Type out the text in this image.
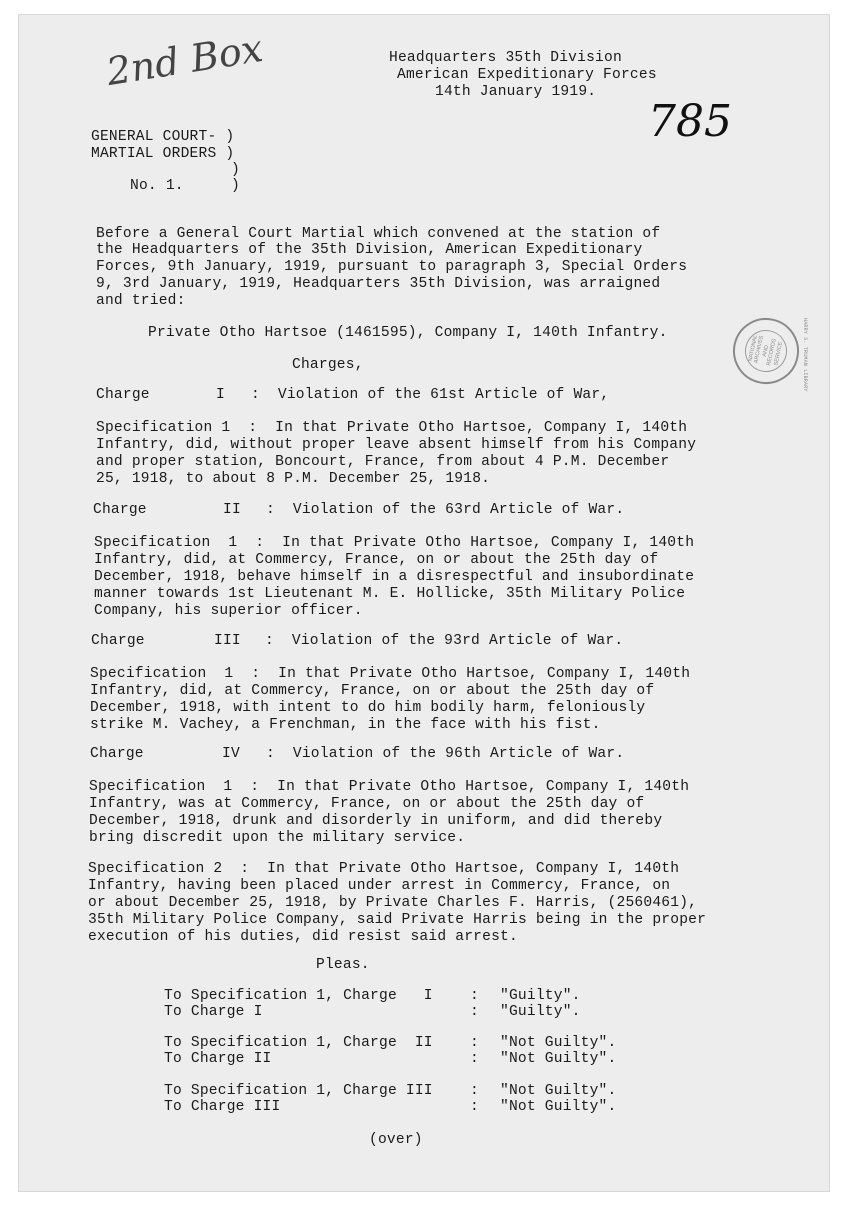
2nd Box
785
Headquarters 35th Division
American Expeditionary Forces
14th January 1919.
GENERAL COURT- )
MARTIAL ORDERS )
)
No. 1.	)
Before a General Court Martial which convened at the station of
the Headquarters of the 35th Division, American Expeditionary
Forces, 9th January, 1919, pursuant to paragraph 3, Special Orders
9, 3rd January, 1919, Headquarters 35th Division, was arraigned
and tried:
Private Otho Hartsoe (1461595), Company I, 140th Infantry.
Charges,
NATIONAL ARCHIVES AND RECORDS SERVICE	HARRY S. TRUMAN LIBRARY
Charge	I :  Violation of the 61st Article of War,
Specification 1  :  In that Private Otho Hartsoe, Company I, 140th
Infantry, did, without proper leave absent himself from his Company
and proper station, Boncourt, France, from about 4 P.M. December
25, 1918, to about 8 P.M. December 25, 1918.
Charge	II :  Violation of the 63rd Article of War.
Specification  1  :  In that Private Otho Hartsoe, Company I, 140th
Infantry, did, at Commercy, France, on or about the 25th day of
December, 1918, behave himself in a disrespectful and insubordinate
manner towards 1st Lieutenant M. E. Hollicke, 35th Military Police
Company, his superior officer.
Charge	III :  Violation of the 93rd Article of War.
Specification  1  :  In that Private Otho Hartsoe, Company I, 140th
Infantry, did, at Commercy, France, on or about the 25th day of
December, 1918, with intent to do him bodily harm, feloniously
strike M. Vachey, a Frenchman, in the face with his fist.
Charge	IV :  Violation of the 96th Article of War.
Specification  1  :  In that Private Otho Hartsoe, Company I, 140th
Infantry, was at Commercy, France, on or about the 25th day of
December, 1918, drunk and disorderly in uniform, and did thereby
bring discredit upon the military service.
Specification 2  :  In that Private Otho Hartsoe, Company I, 140th
Infantry, having been placed under arrest in Commercy, France, on
or about December 25, 1918, by Private Charles F. Harris, (2560461),
35th Military Police Company, said Private Harris being in the proper
execution of his duties, did resist said arrest.
Pleas.
To Specification 1, Charge   I	: "Guilty".
To Charge I	: "Guilty".
To Specification 1, Charge  II	: "Not Guilty".
To Charge II	: "Not Guilty".
To Specification 1, Charge III	: "Not Guilty".
To Charge III	: "Not Guilty".
(over)
